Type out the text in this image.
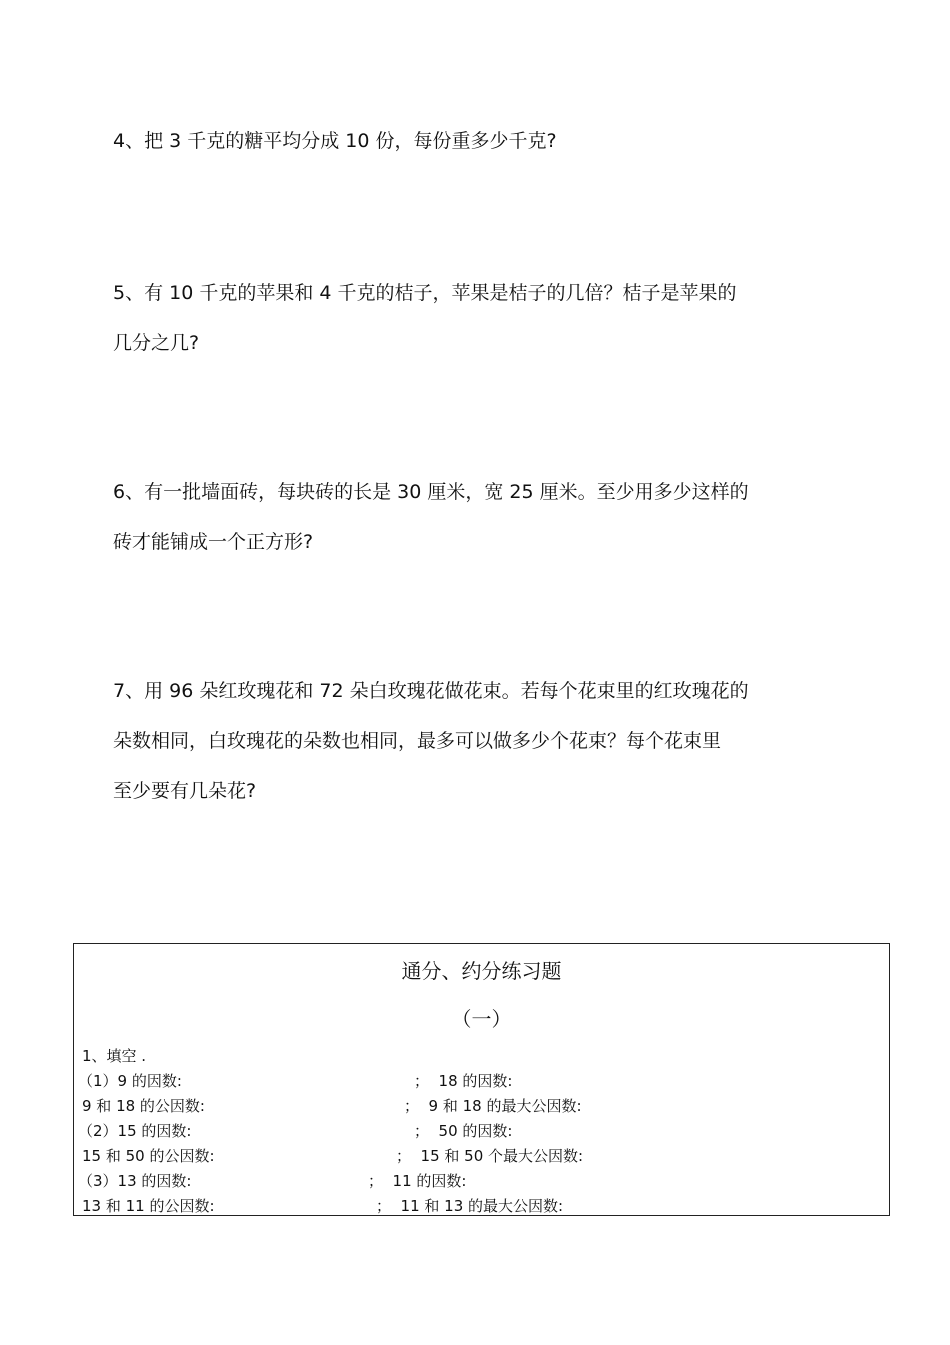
4、把 3 千克的糖平均分成 10 份，每份重多少千克?
5、有 10 千克的苹果和 4 千克的桔子，苹果是桔子的几倍？桔子是苹果的
几分之几?
6、有一批墙面砖，每块砖的长是 30 厘米，宽 25 厘米。至少用多少这样的
砖才能铺成一个正方形?
7、用 96 朵红玫瑰花和 72 朵白玫瑰花做花束。若每个花束里的红玫瑰花的
朵数相同，白玫瑰花的朵数也相同，最多可以做多少个花束？每个花束里
至少要有几朵花?
通分、约分练习题
（一）
1、填空 .
（1）9 的因数:	；  18 的因数:
9 和 18 的公因数:	；  9 和 18 的最大公因数:
（2）15 的因数:	；  50 的因数:
15 和 50 的公因数:	；  15 和 50 个最大公因数:
（3）13 的因数:	；  11 的因数:
13 和 11 的公因数:	；  11 和 13 的最大公因数:
